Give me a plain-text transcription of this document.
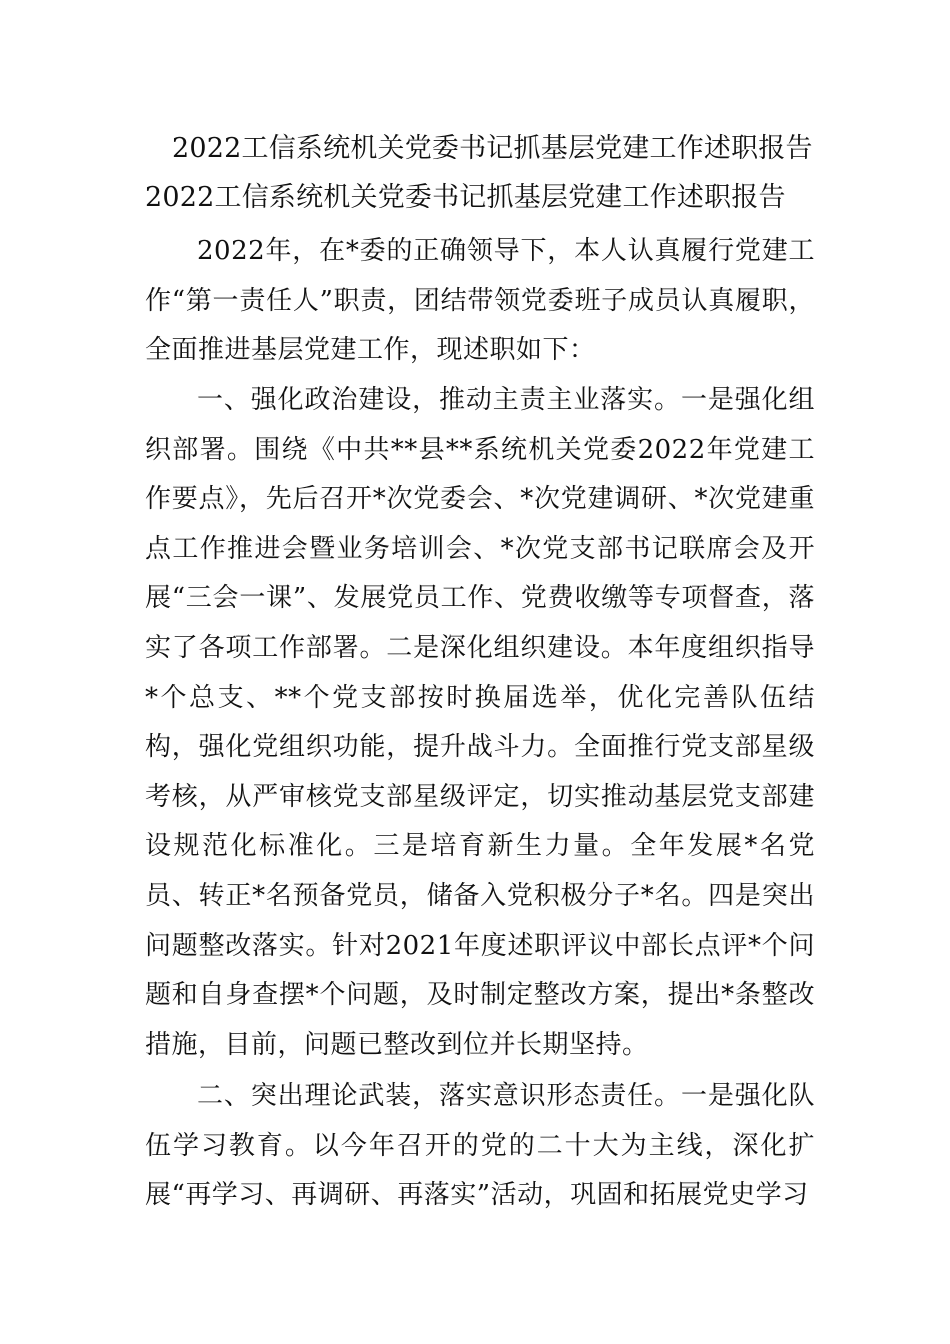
2022工信系统机关党委书记抓基层党建工作述职报告
2022工信系统机关党委书记抓基层党建工作述职报告

2022年，在*委的正确领导下，本人认真履行党建工作“第一责任人”职责，团结带领党委班子成员认真履职，全面推进基层党建工作，现述职如下：

一、强化政治建设，推动主责主业落实。一是强化组织部署。围绕《中共**县**系统机关党委2022年党建工作要点》，先后召开*次党委会、*次党建调研、*次党建重点工作推进会暨业务培训会、*次党支部书记联席会及开展“三会一课”、发展党员工作、党费收缴等专项督查，落实了各项工作部署。二是深化组织建设。本年度组织指导*个总支、**个党支部按时换届选举，优化完善队伍结构，强化党组织功能，提升战斗力。全面推行党支部星级考核，从严审核党支部星级评定，切实推动基层党支部建设规范化标准化。三是培育新生力量。全年发展*名党员、转正*名预备党员，储备入党积极分子*名。四是突出问题整改落实。针对2021年度述职评议中部长点评*个问题和自身查摆*个问题，及时制定整改方案，提出*条整改措施，目前，问题已整改到位并长期坚持。

二、突出理论武装，落实意识形态责任。一是强化队伍学习教育。以今年召开的党的二十大为主线，深化扩展“再学习、再调研、再落实”活动，巩固和拓展党史学习
